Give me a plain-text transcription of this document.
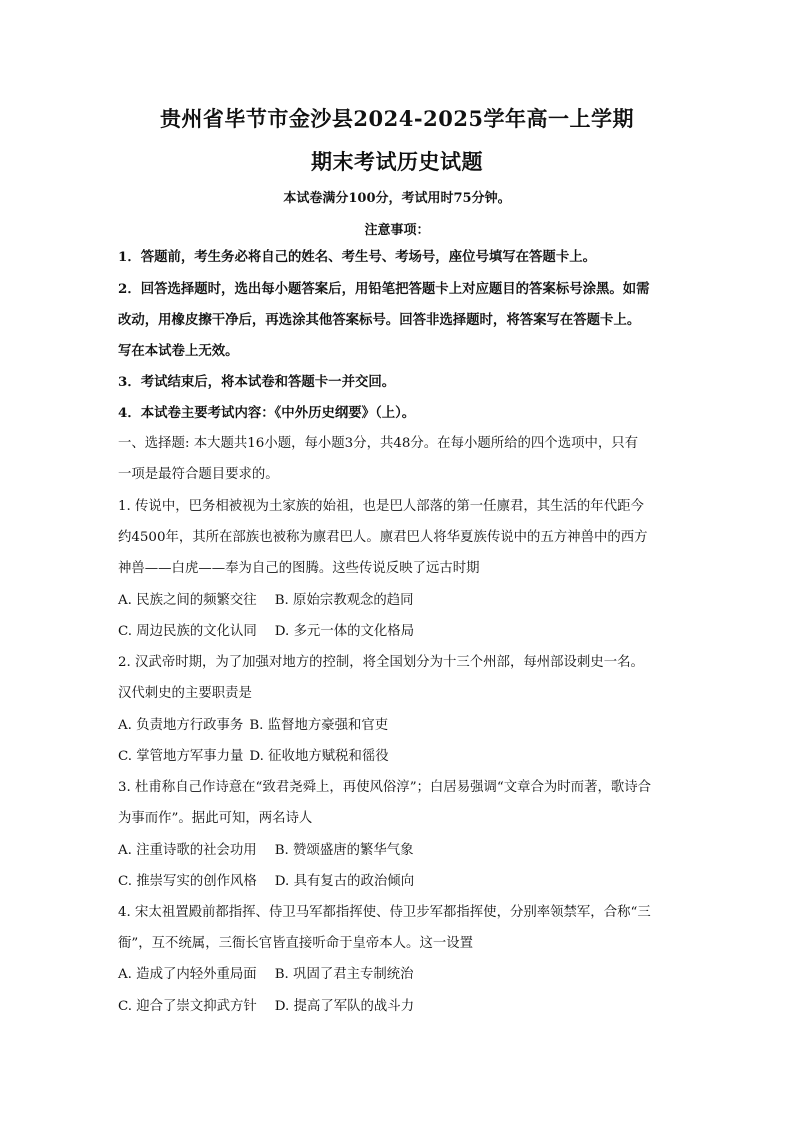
贵州省毕节市金沙县2024-2025学年高一上学期
期末考试历史试题
本试卷满分100分，考试用时75分钟。
注意事项：
1．答题前，考生务必将自己的姓名、考生号、考场号，座位号填写在答题卡上。
2．回答选择题时，选出每小题答案后，用铅笔把答题卡上对应题目的答案标号涂黑。如需
改动，用橡皮擦干净后，再选涂其他答案标号。回答非选择题时，将答案写在答题卡上。
写在本试卷上无效。
3．考试结束后，将本试卷和答题卡一并交回。
4．本试卷主要考试内容：《中外历史纲要》（上）。
一、选择题: 本大题共16小题，每小题3分，共48分。在每小题所给的四个选项中，只有
一项是最符合题目要求的。
1. 传说中，巴务相被视为土家族的始祖，也是巴人部落的第一任廪君，其生活的年代距今
约4500年，其所在部族也被称为廪君巴人。廪君巴人将华夏族传说中的五方神兽中的西方
神兽——白虎——奉为自己的图腾。这些传说反映了远古时期
A. 民族之间的频繁交往 B. 原始宗教观念的趋同
C. 周边民族的文化认同 D. 多元一体的文化格局
2. 汉武帝时期，为了加强对地方的控制，将全国划分为十三个州部，每州部设刺史一名。
汉代刺史的主要职责是
A. 负责地方行政事务 B. 监督地方豪强和官吏
C. 掌管地方军事力量 D. 征收地方赋税和徭役
3. 杜甫称自己作诗意在“致君尧舜上，再使风俗淳”；白居易强调“文章合为时而著，歌诗合
为事而作”。据此可知，两名诗人
A. 注重诗歌的社会功用 B. 赞颂盛唐的繁华气象
C. 推崇写实的创作风格 D. 具有复古的政治倾向
4. 宋太祖置殿前都指挥、侍卫马军都指挥使、侍卫步军都指挥使，分别率领禁军，合称“三
衙”，互不统属，三衙长官皆直接听命于皇帝本人。这一设置
A. 造成了内轻外重局面 B. 巩固了君主专制统治
C. 迎合了崇文抑武方针 D. 提高了军队的战斗力
